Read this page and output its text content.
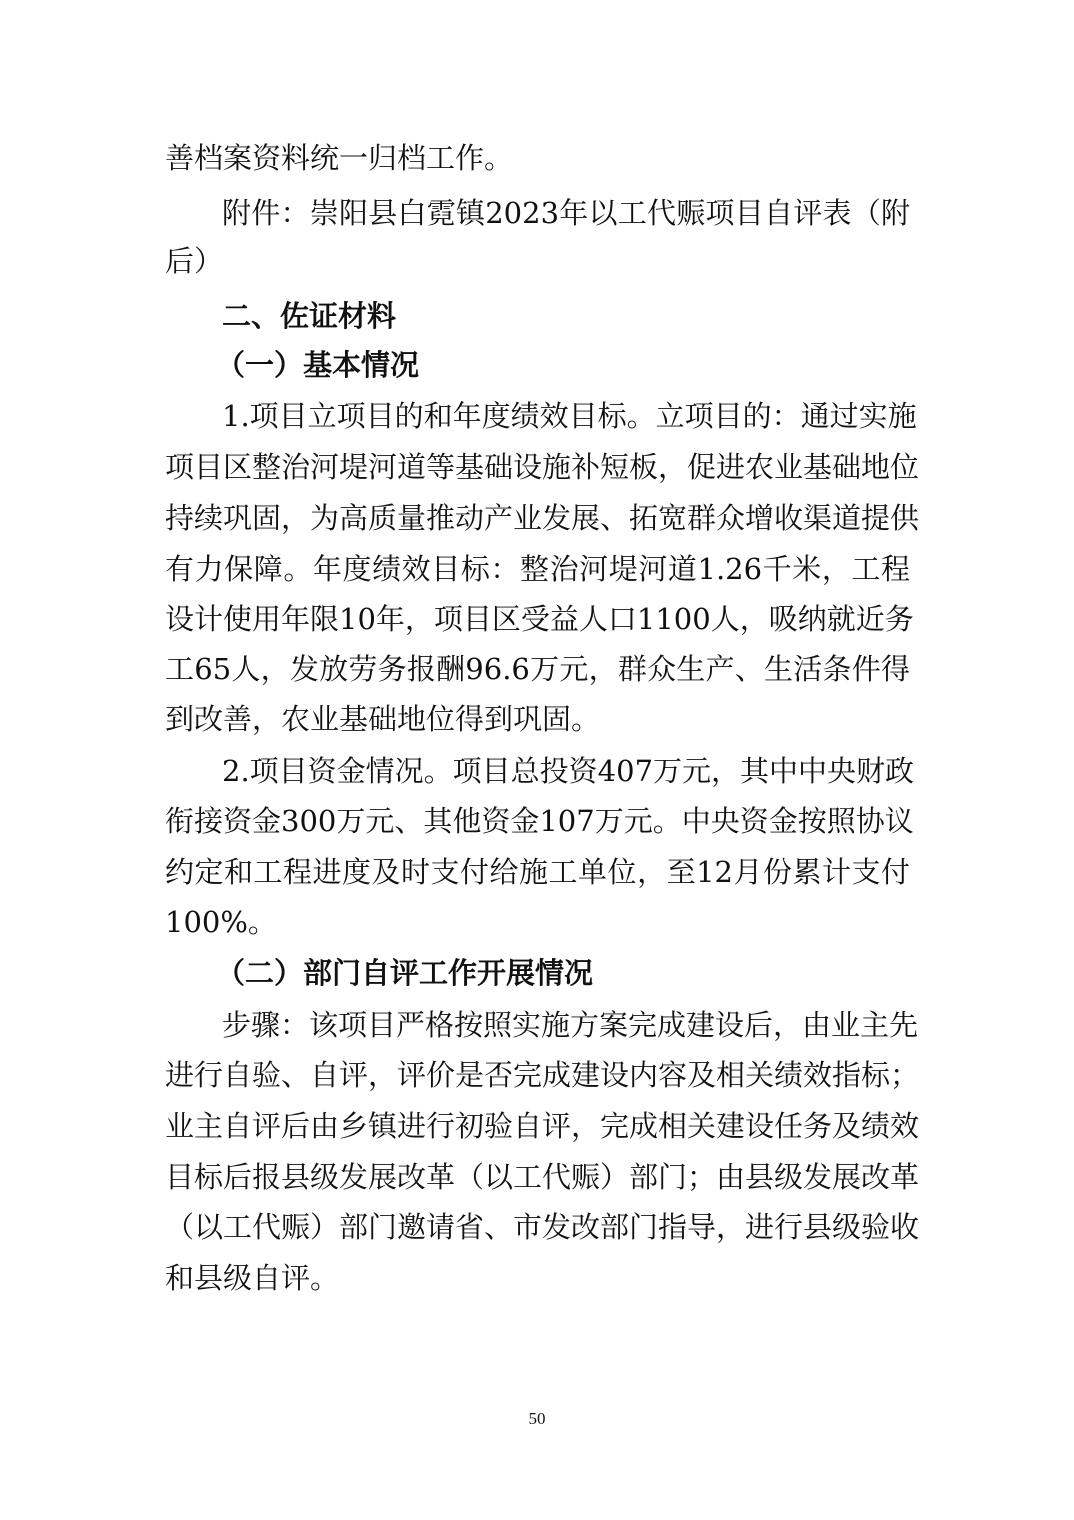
善档案资料统一归档工作。
附件：崇阳县白霓镇2023年以工代赈项目自评表（附
后）
二、佐证材料
（一）基本情况
1.项目立项目的和年度绩效目标。立项目的：通过实施
项目区整治河堤河道等基础设施补短板，促进农业基础地位
持续巩固，为高质量推动产业发展、拓宽群众增收渠道提供
有力保障。年度绩效目标：整治河堤河道1.26千米，工程
设计使用年限10年，项目区受益人口1100人，吸纳就近务
工65人，发放劳务报酬96.6万元，群众生产、生活条件得
到改善，农业基础地位得到巩固。
2.项目资金情况。项目总投资407万元，其中中央财政
衔接资金300万元、其他资金107万元。中央资金按照协议
约定和工程进度及时支付给施工单位，至12月份累计支付
100%。
（二）部门自评工作开展情况
步骤：该项目严格按照实施方案完成建设后，由业主先
进行自验、自评，评价是否完成建设内容及相关绩效指标；
业主自评后由乡镇进行初验自评，完成相关建设任务及绩效
目标后报县级发展改革（以工代赈）部门；由县级发展改革
（以工代赈）部门邀请省、市发改部门指导，进行县级验收
和县级自评。
50
